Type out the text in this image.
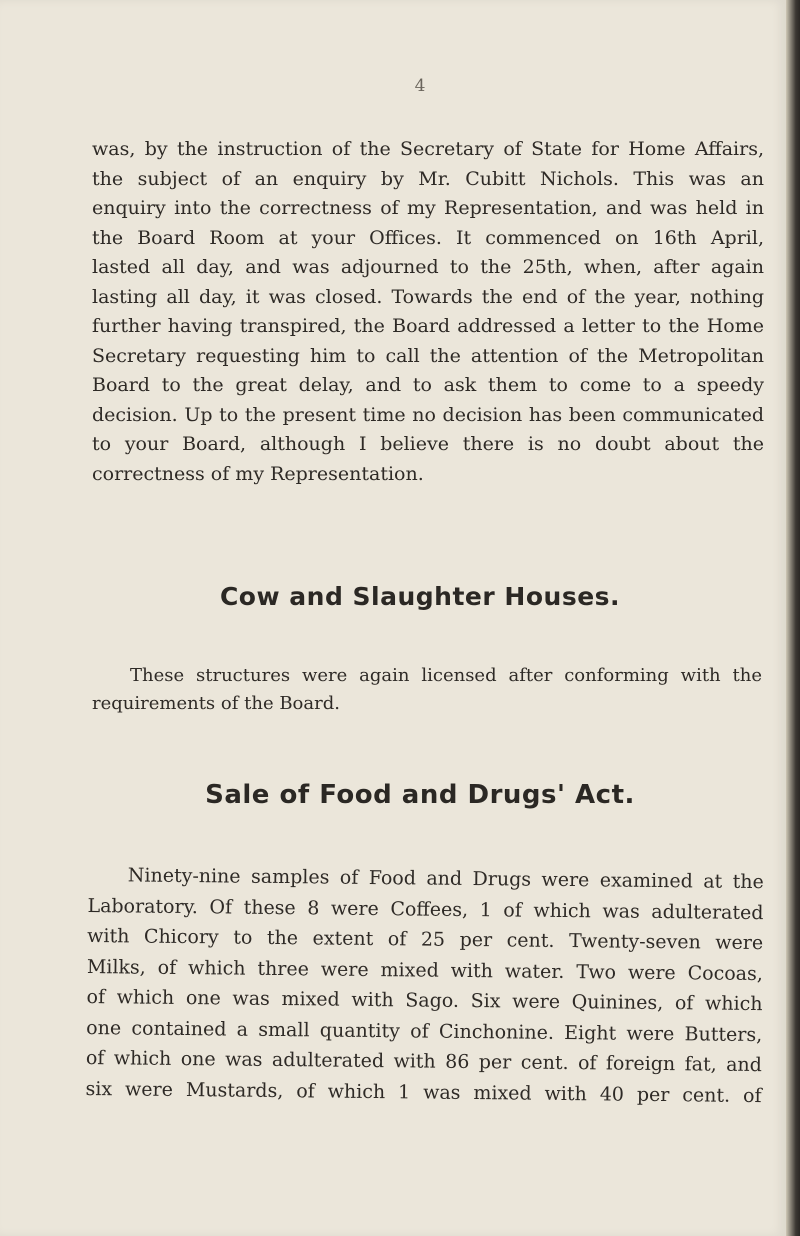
4
was, by the instruction of the Secretary of State for Home Affairs,
the subject of an enquiry by Mr. Cubitt Nichols. This was an
enquiry into the correctness of my Representation, and was held in
the Board Room at your Offices. It commenced on 16th April,
lasted all day, and was adjourned to the 25th, when, after again
lasting all day, it was closed. Towards the end of the year, nothing
further having transpired, the Board addressed a letter to the Home
Secretary requesting him to call the attention of the Metropolitan
Board to the great delay, and to ask them to come to a speedy
decision. Up to the present time no decision has been communicated
to your Board, although I believe there is no doubt about the
correctness of my Representation.
Cow and Slaughter Houses.
These structures were again licensed after conforming with the
requirements of the Board.
Sale of Food and Drugs' Act.
Ninety-nine samples of Food and Drugs were examined at the
Laboratory. Of these 8 were Coffees, 1 of which was adulterated
with Chicory to the extent of 25 per cent. Twenty-seven were
Milks, of which three were mixed with water. Two were Cocoas,
of which one was mixed with Sago. Six were Quinines, of which
one contained a small quantity of Cinchonine. Eight were Butters,
of which one was adulterated with 86 per cent. of foreign fat, and
six were Mustards, of which 1 was mixed with 40 per cent. of
